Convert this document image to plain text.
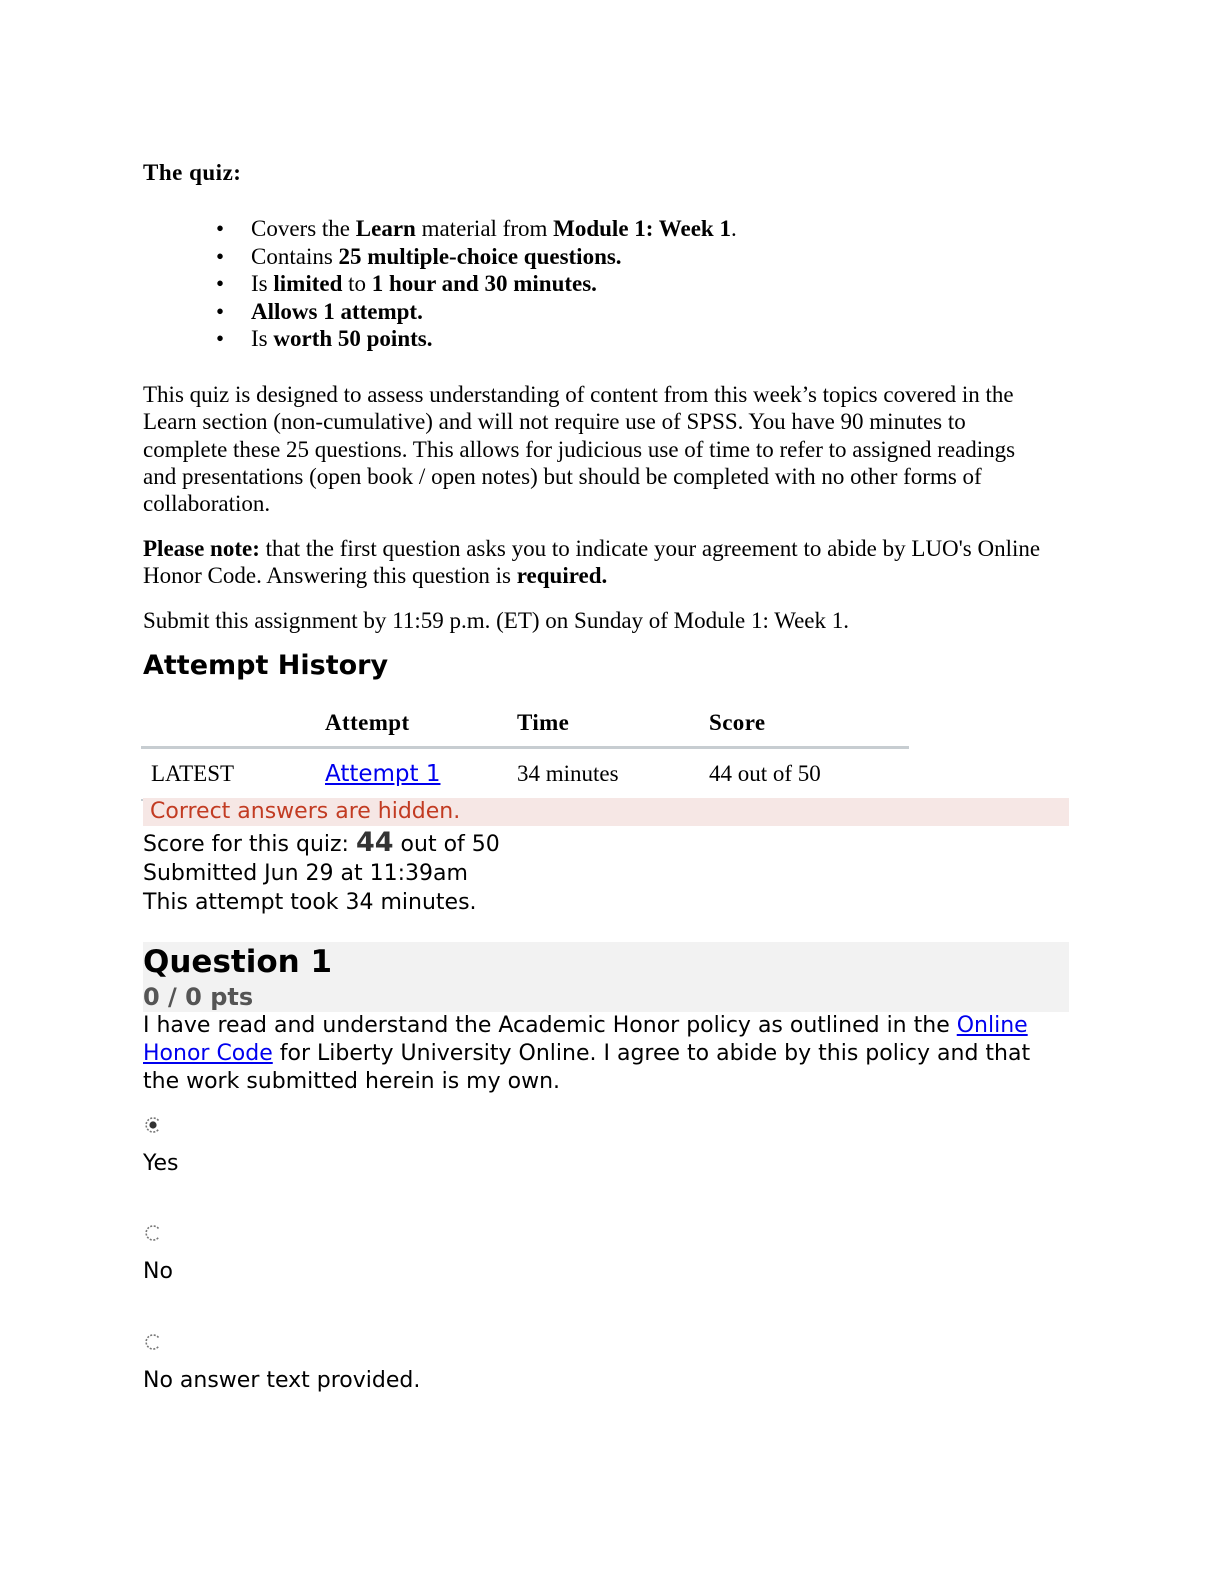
The quiz:
• Covers the Learn material from Module 1: Week 1.
• Contains 25 multiple-choice questions.
• Is limited to 1 hour and 30 minutes.
• Allows 1 attempt.
• Is worth 50 points.

This quiz is designed to assess understanding of content from this week’s topics covered in the Learn section (non-cumulative) and will not require use of SPSS. You have 90 minutes to complete these 25 questions. This allows for judicious use of time to refer to assigned readings and presentations (open book / open notes) but should be completed with no other forms of collaboration.

Please note: that the first question asks you to indicate your agreement to abide by LUO's Online Honor Code. Answering this question is required.

Submit this assignment by 11:59 p.m. (ET) on Sunday of Module 1: Week 1.

Attempt History
	Attempt	Time	Score
LATEST	Attempt 1	34 minutes	44 out of 50
Correct answers are hidden.
Score for this quiz: 44 out of 50
Submitted Jun 29 at 11:39am
This attempt took 34 minutes.
Question 1
0 / 0 pts
I have read and understand the Academic Honor policy as outlined in the Online Honor Code for Liberty University Online. I agree to abide by this policy and that the work submitted herein is my own.
Yes
No
No answer text provided.
